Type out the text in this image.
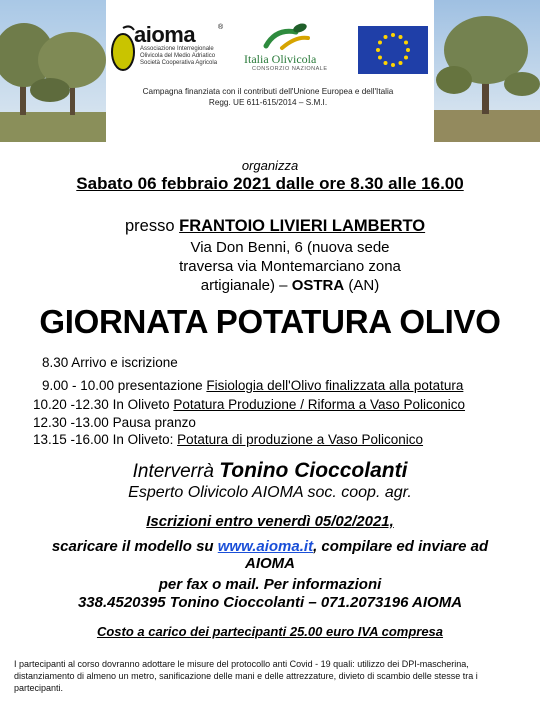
aioma	®
Associazione Interregionale
Olivicola del Medio Adriatico
Società Cooperativa Agricola	Italia Olivicola
CONSORZIO NAZIONALE
Campagna finanziata con il contributi dell'Unione Europea e dell'Italia
Regg. UE 611-615/2014 – S.M.I.
organizza
Sabato 06 febbraio 2021 dalle ore 8.30 alle 16.00
presso FRANTOIO LIVIERI LAMBERTO
Via Don Benni, 6 (nuova sede
traversa via Montemarciano zona
artigianale) – OSTRA (AN)
GIORNATA POTATURA OLIVO
8.30 Arrivo e iscrizione
9.00 - 10.00 presentazione Fisiologia dell'Olivo finalizzata alla potatura
10.20 -12.30 In Oliveto Potatura Produzione / Riforma a Vaso Policonico
12.30 -13.00 Pausa pranzo
13.15 -16.00 In Oliveto: Potatura di produzione a Vaso Policonico
Interverrà Tonino Cioccolanti
Esperto Olivicolo AIOMA soc. coop. agr.
Iscrizioni entro venerdì 05/02/2021,
scaricare il modello su www.aioma.it, compilare ed inviare ad
AIOMA
per fax o mail. Per informazioni
338.4520395 Tonino Cioccolanti – 071.2073196 AIOMA
Costo a carico dei partecipanti 25.00 euro IVA compresa
I partecipanti al corso dovranno adottare le misure del protocollo anti Covid - 19 quali: utilizzo dei DPI-mascherina, distanziamento di almeno un metro, sanificazione delle mani e delle attrezzature, divieto di scambio delle stesse tra i partecipanti.
